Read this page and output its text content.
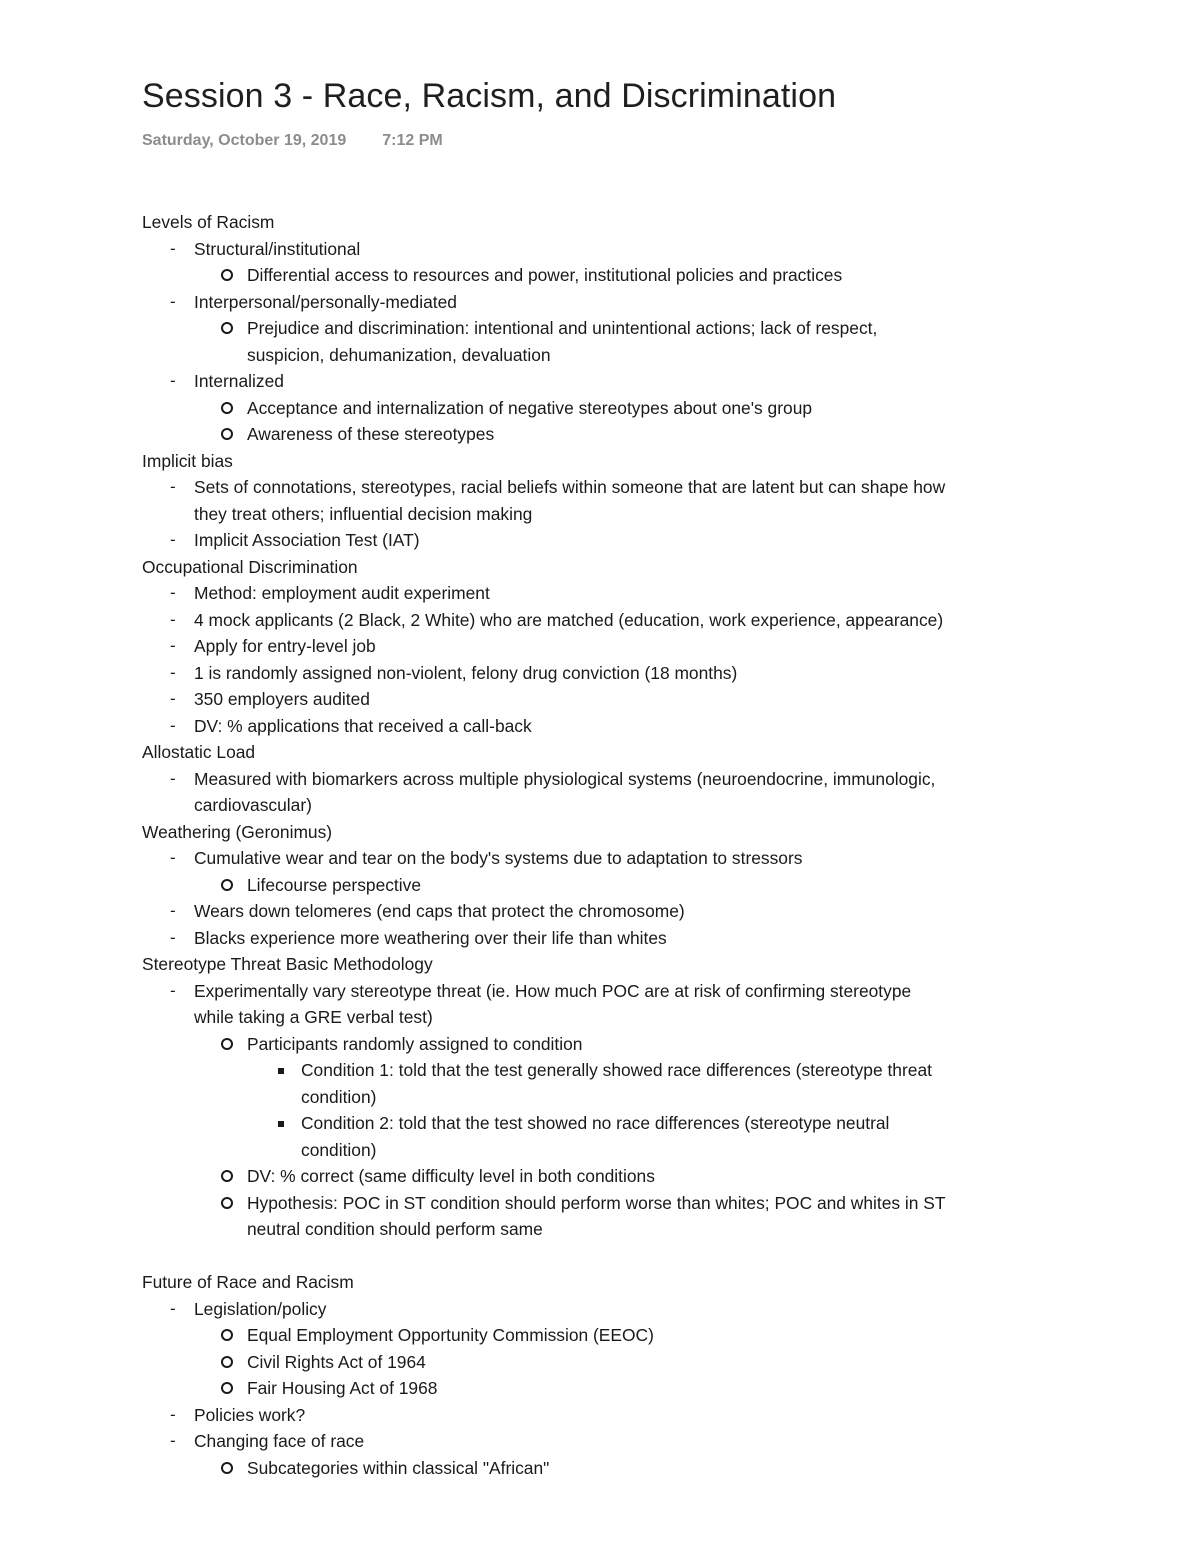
Session 3 - Race, Racism, and Discrimination
Saturday, October 19, 2019 7:12 PM
Levels of Racism
- Structural/institutional
Differential access to resources and power, institutional policies and practices
- Interpersonal/personally-mediated
Prejudice and discrimination: intentional and unintentional actions; lack of respect,
suspicion, dehumanization, devaluation
- Internalized
Acceptance and internalization of negative stereotypes about one's group
Awareness of these stereotypes
Implicit bias
- Sets of connotations, stereotypes, racial beliefs within someone that are latent but can shape how
they treat others; influential decision making
- Implicit Association Test (IAT)
Occupational Discrimination
- Method: employment audit experiment
- 4 mock applicants (2 Black, 2 White) who are matched (education, work experience, appearance)
- Apply for entry-level job
- 1 is randomly assigned non-violent, felony drug conviction (18 months)
- 350 employers audited
- DV: % applications that received a call-back
Allostatic Load
- Measured with biomarkers across multiple physiological systems (neuroendocrine, immunologic,
cardiovascular)
Weathering (Geronimus)
- Cumulative wear and tear on the body's systems due to adaptation to stressors
Lifecourse perspective
- Wears down telomeres (end caps that protect the chromosome)
- Blacks experience more weathering over their life than whites
Stereotype Threat Basic Methodology
- Experimentally vary stereotype threat (ie. How much POC are at risk of confirming stereotype
while taking a GRE verbal test)
Participants randomly assigned to condition
Condition 1: told that the test generally showed race differences (stereotype threat
condition)
Condition 2: told that the test showed no race differences (stereotype neutral
condition)
DV: % correct (same difficulty level in both conditions
Hypothesis: POC in ST condition should perform worse than whites; POC and whites in ST
neutral condition should perform same
Future of Race and Racism
- Legislation/policy
Equal Employment Opportunity Commission (EEOC)
Civil Rights Act of 1964
Fair Housing Act of 1968
- Policies work?
- Changing face of race
Subcategories within classical "African"
